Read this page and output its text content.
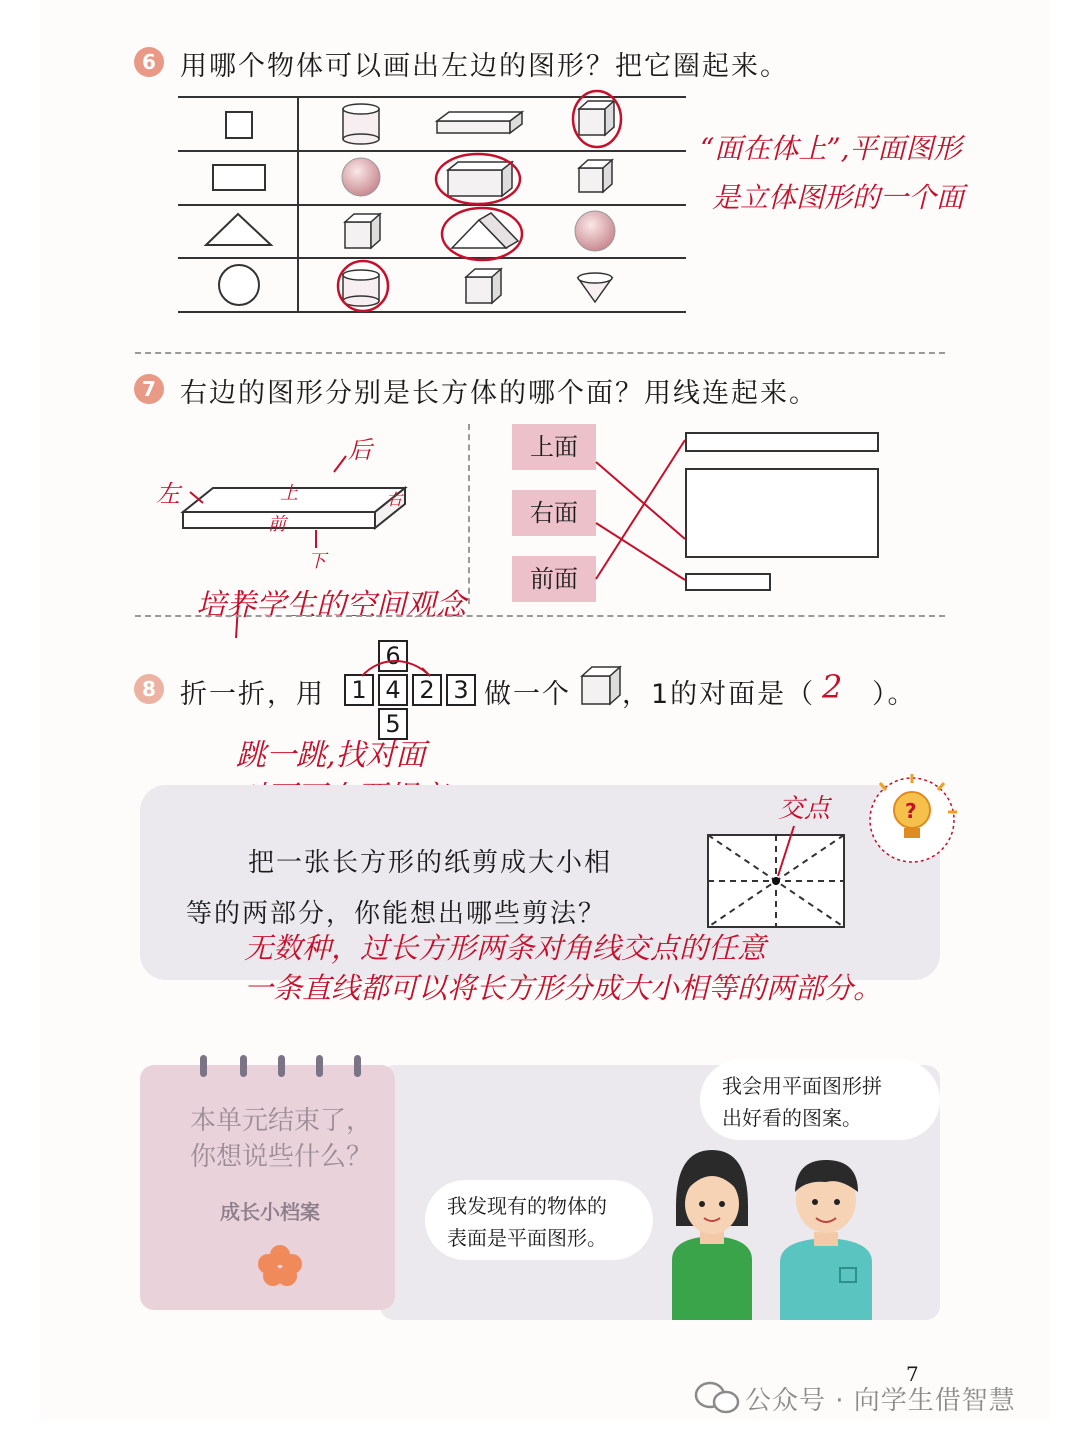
6 用哪个物体可以画出左边的图形？把它圈起来。
“面在体上”,平面图形
是立体图形的一个面
7 右边的图形分别是长方体的哪个面？用线连起来。
左
后
上
前
右
下
培养学生的空间观念
上面
右面
前面
8 折一折，用
6
1 4 2 3
5
做一个 ，1的对面是（ 2 ）。
跳一跳,找对面
把一张长方形的纸剪成大小相
等的两部分，你能想出哪些剪法？
交点	?
无数种，过长方形两条对角线交点的任意
一条直线都可以将长方形分成大小相等的两部分。
本单元结束了，
你想说些什么？
成长小档案	我发现有的物体的
表面是平面图形。
我会用平面图形拼
出好看的图案。
7
公众号 · 向学生借智慧
